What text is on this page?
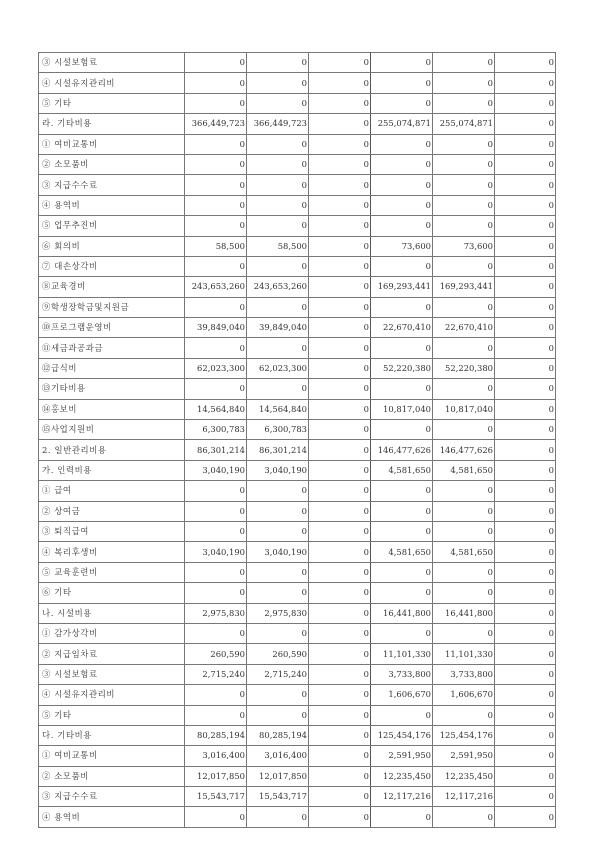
③ 시설보험료	0	0	0	0	0	0
④ 시설유지관리비	0	0	0	0	0	0
⑤ 기타	0	0	0	0	0	0
라. 기타비용	366,449,723	366,449,723	0	255,074,871	255,074,871	0
① 여비교통비	0	0	0	0	0	0
② 소모품비	0	0	0	0	0	0
③ 지급수수료	0	0	0	0	0	0
④ 용역비	0	0	0	0	0	0
⑤ 업무추진비	0	0	0	0	0	0
⑥ 회의비	58,500	58,500	0	73,600	73,600	0
⑦ 대손상각비	0	0	0	0	0	0
⑧교육경비	243,653,260	243,653,260	0	169,293,441	169,293,441	0
⑨학생장학금및지원금	0	0	0	0	0	0
⑩프로그램운영비	39,849,040	39,849,040	0	22,670,410	22,670,410	0
⑪세금과공과금	0	0	0	0	0	0
⑫급식비	62,023,300	62,023,300	0	52,220,380	52,220,380	0
⑬기타비용	0	0	0	0	0	0
⑭홍보비	14,564,840	14,564,840	0	10,817,040	10,817,040	0
⑮사업지원비	6,300,783	6,300,783	0	0	0	0
2. 일반관리비용	86,301,214	86,301,214	0	146,477,626	146,477,626	0
가. 인력비용	3,040,190	3,040,190	0	4,581,650	4,581,650	0
① 급여	0	0	0	0	0	0
② 상여금	0	0	0	0	0	0
③ 퇴직급여	0	0	0	0	0	0
④ 복리후생비	3,040,190	3,040,190	0	4,581,650	4,581,650	0
⑤ 교육훈련비	0	0	0	0	0	0
⑥ 기타	0	0	0	0	0	0
나. 시설비용	2,975,830	2,975,830	0	16,441,800	16,441,800	0
① 감가상각비	0	0	0	0	0	0
② 지급임차료	260,590	260,590	0	11,101,330	11,101,330	0
③ 시설보험료	2,715,240	2,715,240	0	3,733,800	3,733,800	0
④ 시설유지관리비	0	0	0	1,606,670	1,606,670	0
⑤ 기타	0	0	0	0	0	0
다. 기타비용	80,285,194	80,285,194	0	125,454,176	125,454,176	0
① 여비교통비	3,016,400	3,016,400	0	2,591,950	2,591,950	0
② 소모품비	12,017,850	12,017,850	0	12,235,450	12,235,450	0
③ 지급수수료	15,543,717	15,543,717	0	12,117,216	12,117,216	0
④ 용역비	0	0	0	0	0	0
